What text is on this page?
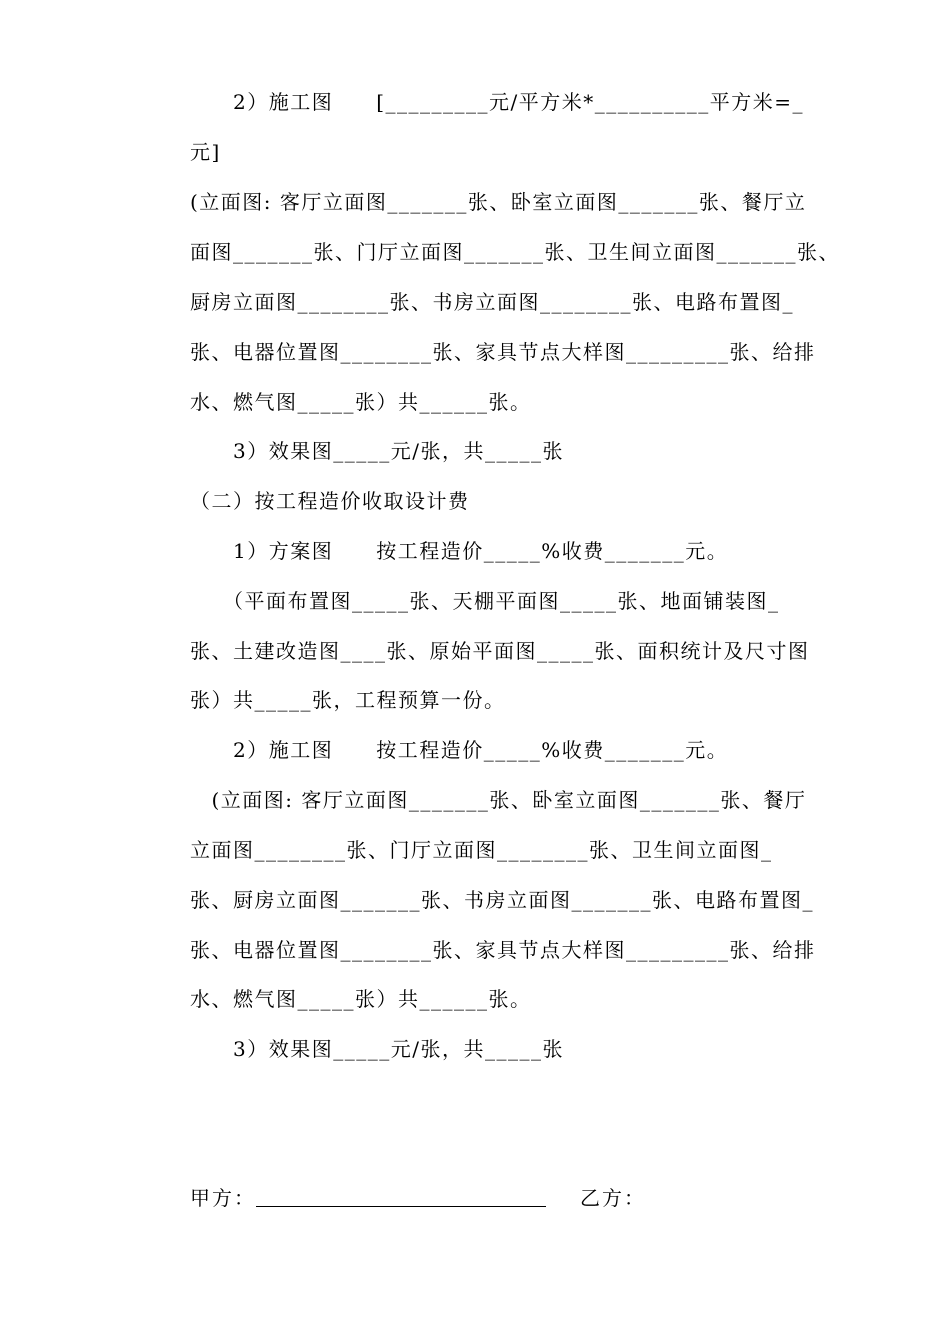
　　2）施工图　　[_________元/平方米*__________平方米=_
元]
(立面图: 客厅立面图_______张、卧室立面图_______张、餐厅立
面图_______张、门厅立面图_______张、卫生间立面图_______张、
厨房立面图________张、书房立面图________张、电路布置图_
张、电器位置图________张、家具节点大样图_________张、给排
水、燃气图_____张）共______张。
　　3）效果图_____元/张，共_____张
（二）按工程造价收取设计费
　　1）方案图　　按工程造价_____%收费_______元。
　　（平面布置图_____张、天棚平面图_____张、地面铺装图_
张、土建改造图____张、原始平面图_____张、面积统计及尺寸图
张）共_____张，工程预算一份。
　　2）施工图　　按工程造价_____%收费_______元。
　(立面图: 客厅立面图_______张、卧室立面图_______张、餐厅
立面图________张、门厅立面图________张、卫生间立面图_
张、厨房立面图_______张、书房立面图_______张、电路布置图_
张、电器位置图________张、家具节点大样图_________张、给排
水、燃气图_____张）共______张。
　　3）效果图_____元/张，共_____张
甲方：	乙方：
